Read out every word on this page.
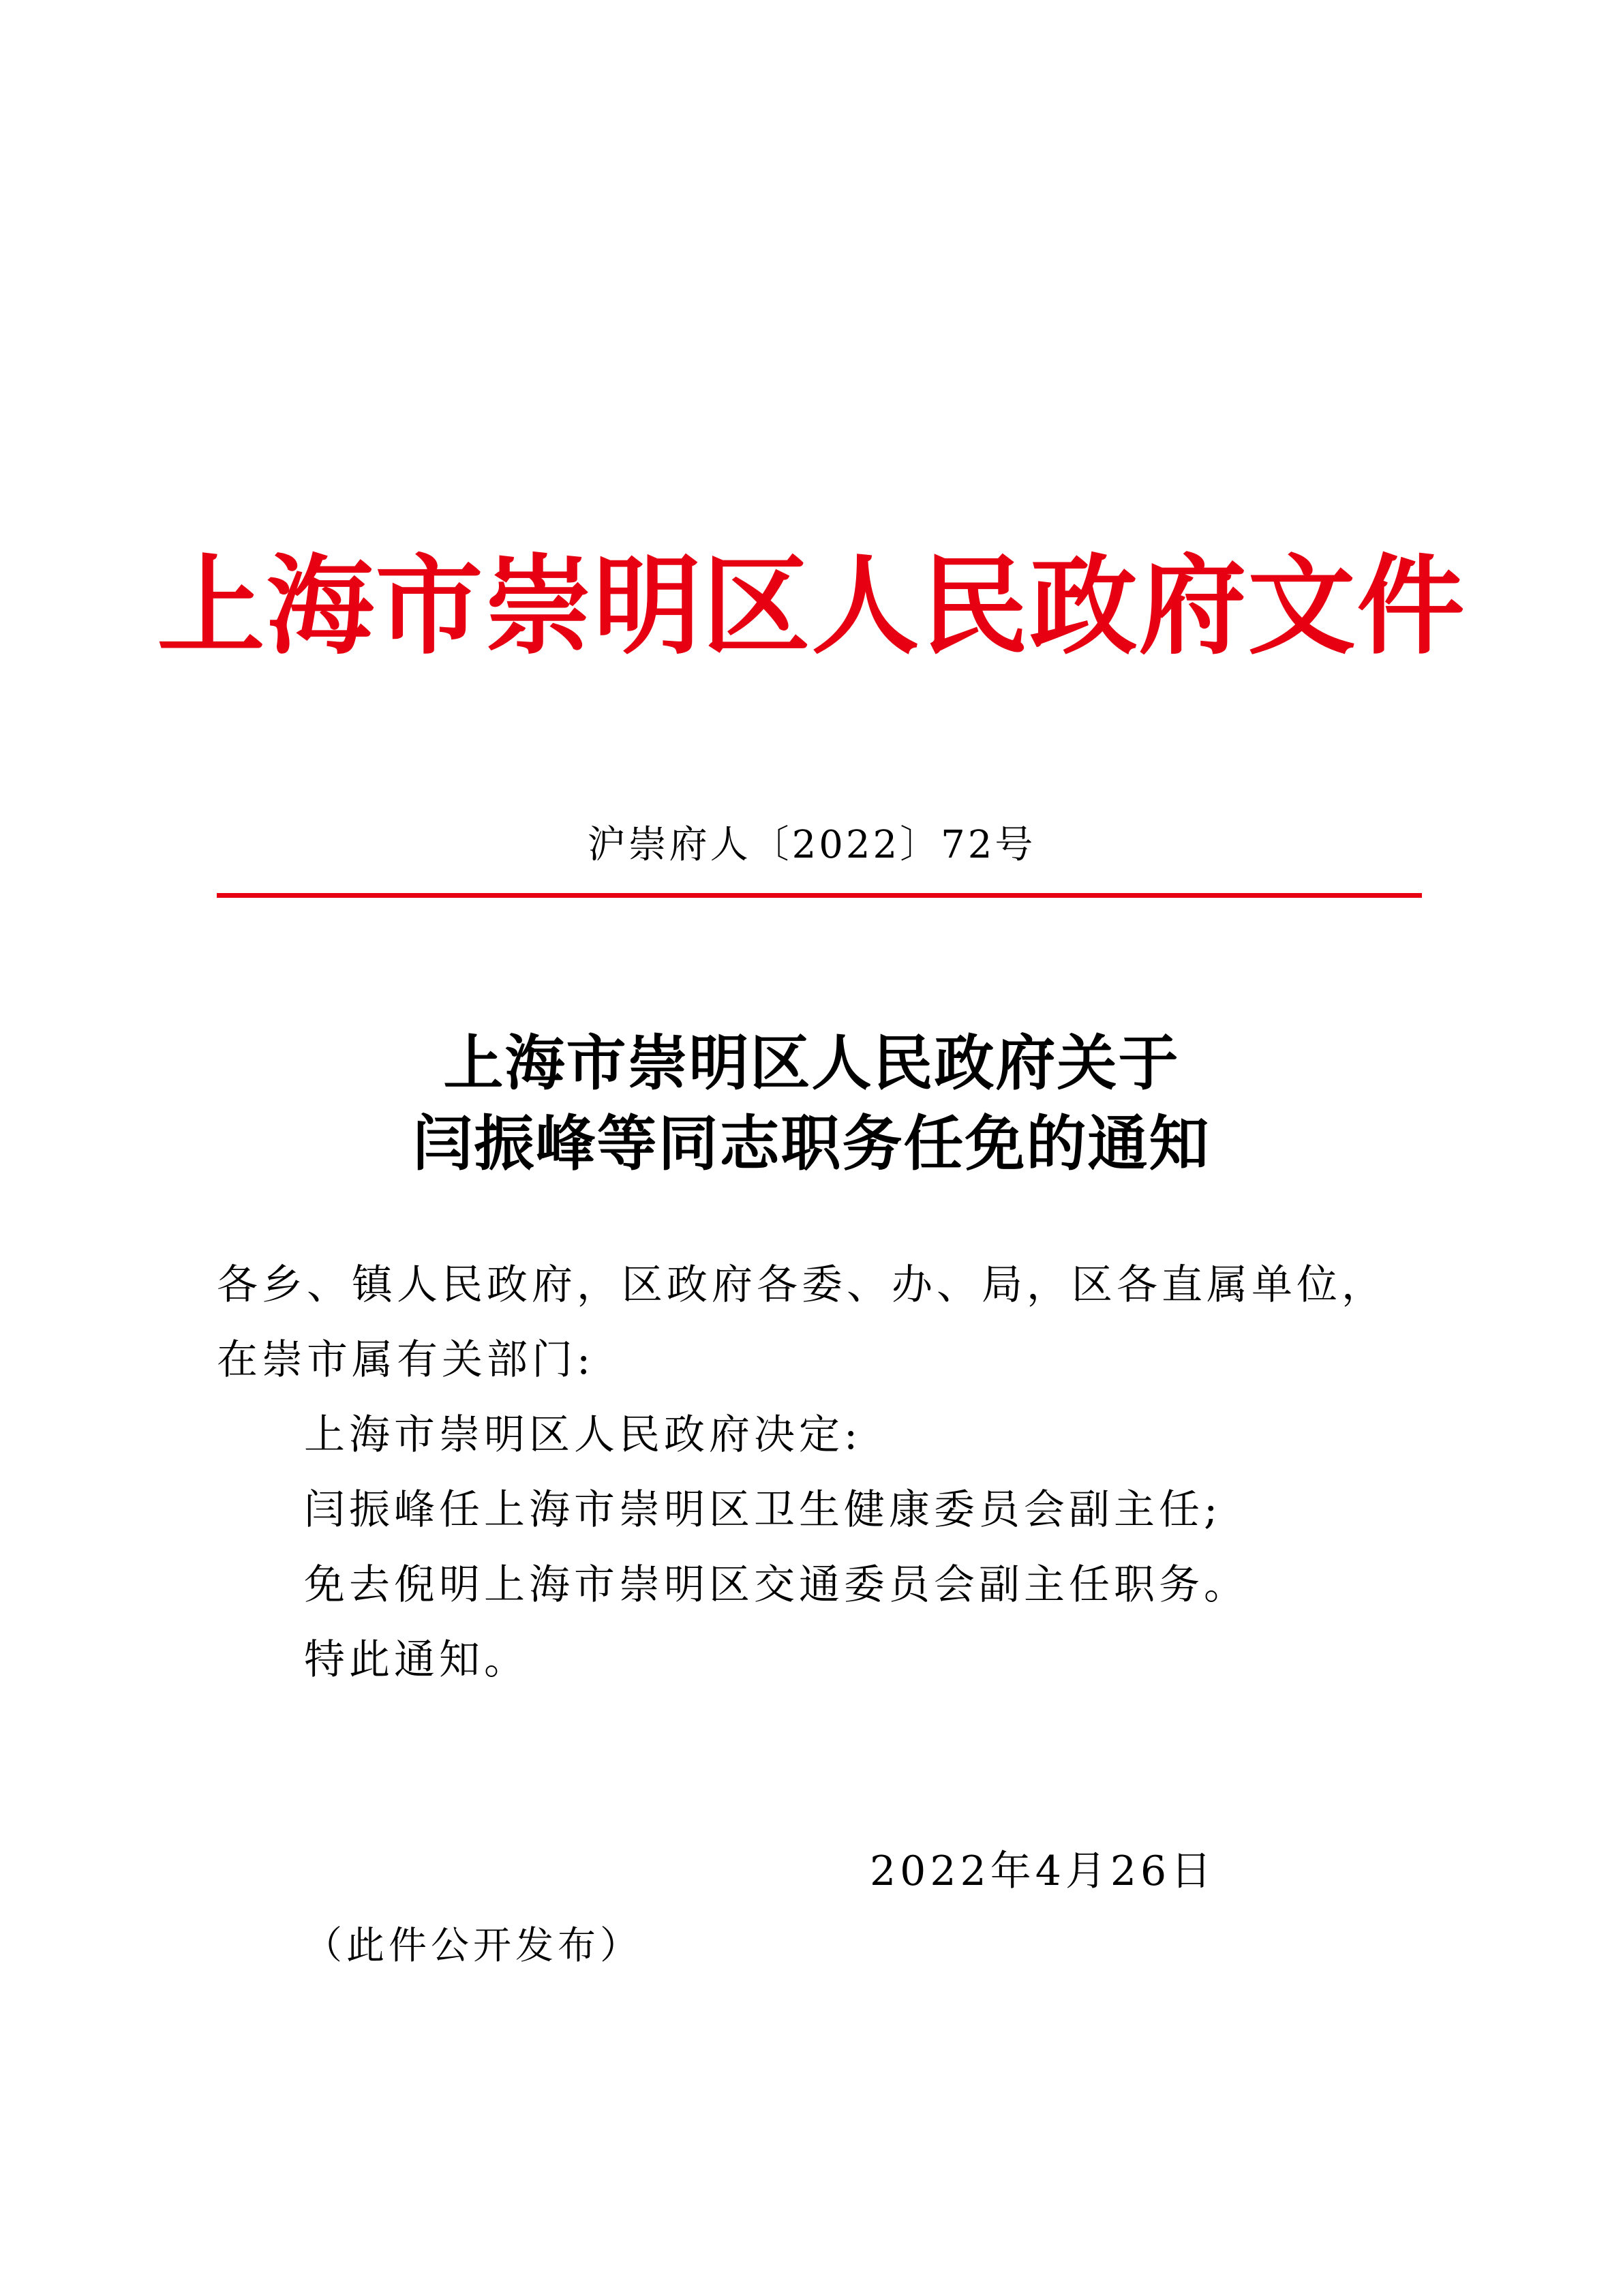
上海市崇明区人民政府文件
沪崇府人〔2022〕72号
上海市崇明区人民政府关于
闫振峰等同志职务任免的通知

各乡、镇人民政府，区政府各委、办、局，区各直属单位，在崇市属有关部门:

上海市崇明区人民政府决定:

闫振峰任上海市崇明区卫生健康委员会副主任;

免去倪明上海市崇明区交通委员会副主任职务。

特此通知。

2022年4月26日
（此件公开发布）
